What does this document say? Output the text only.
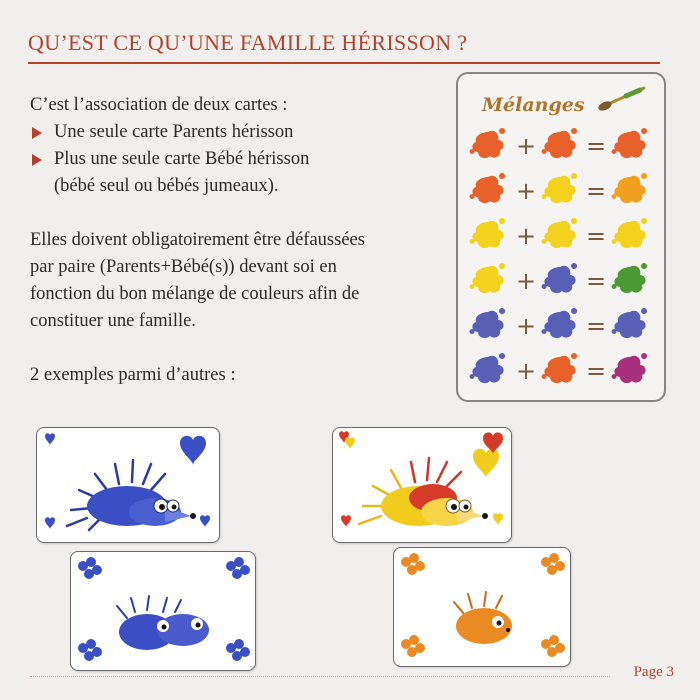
QU’EST CE QU’UNE FAMILLE HÉRISSON ?
C’est l’association de deux cartes :
Une seule carte Parents hérisson
Plus une seule carte Bébé hérisson
(bébé seul ou bébés jumeaux).
Elles doivent obligatoirement être défaussées
par paire (Parents+Bébé(s)) devant soi en
fonction du bon mélange de couleurs afin de
constituer une famille.
2 exemples parmi d’autres :
Mélanges
+ =
+ =
+ =
+ =
+ =
+ =
Page 3
